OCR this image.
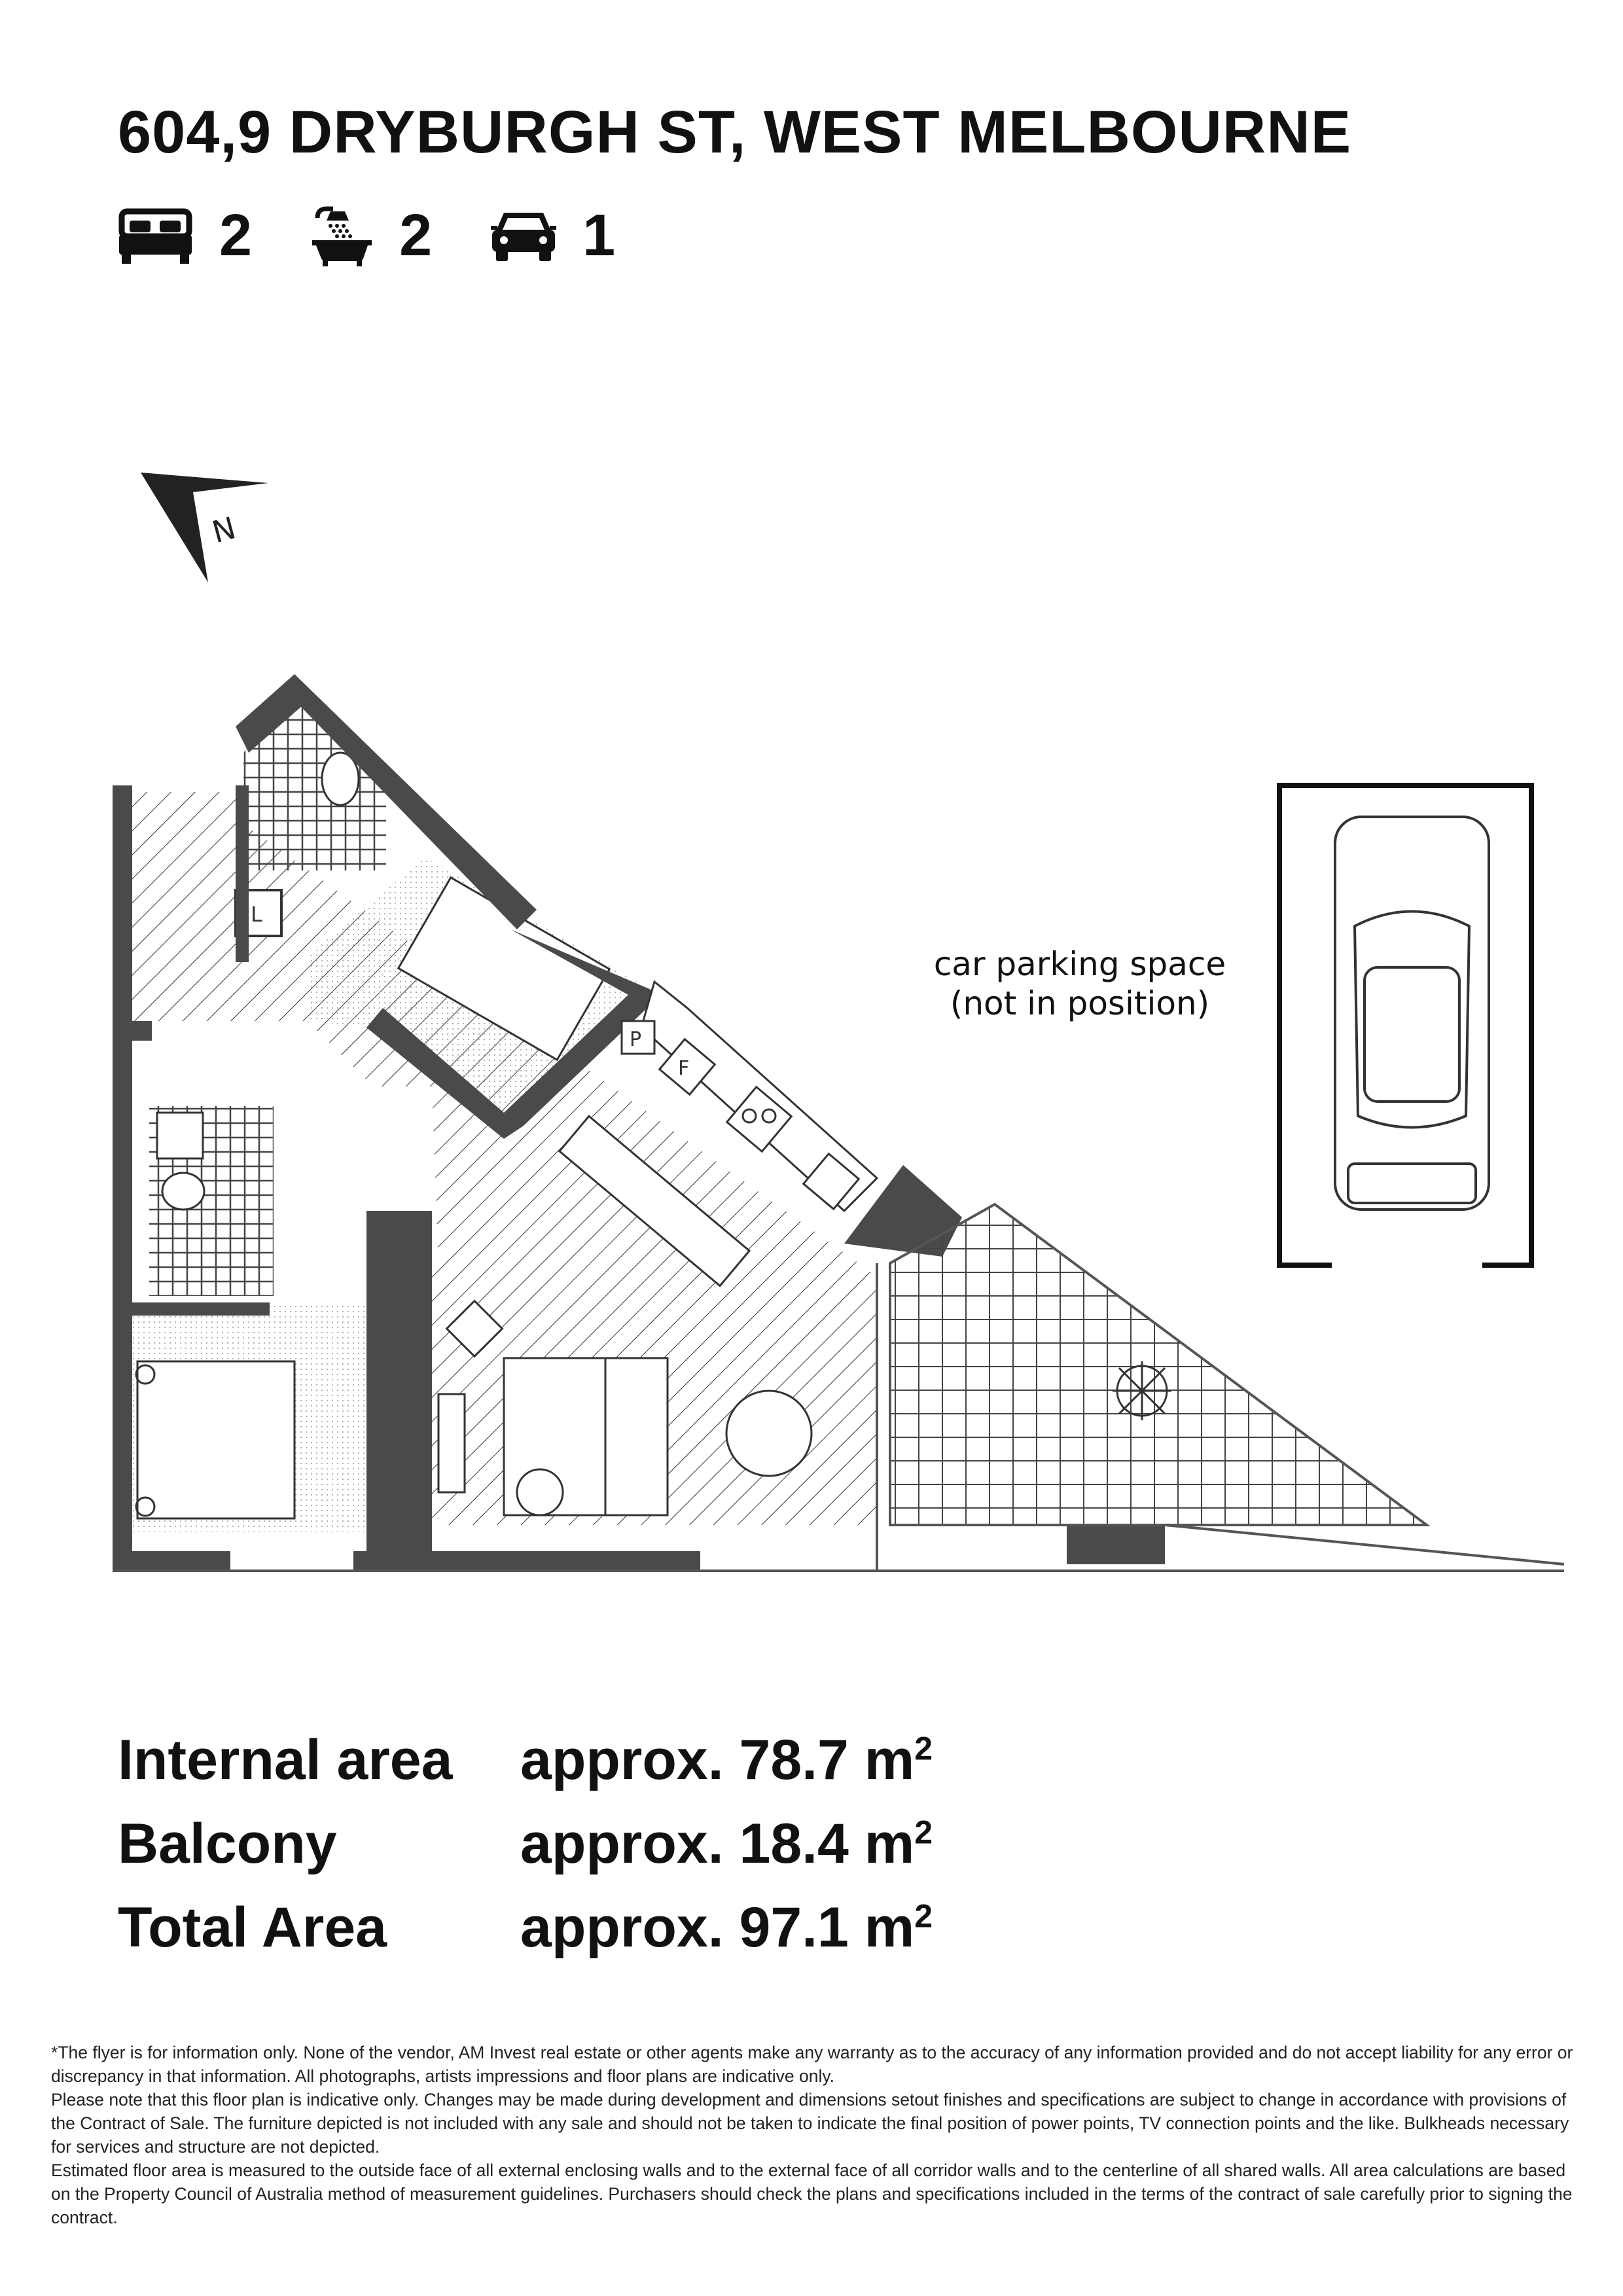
604,9 DRYBURGH ST, WEST MELBOURNE
2	2	1
N
L
P
F
car parking space
(not in position)
Internal area approx. 78.7 $m^2$
Balcony	approx. 18.4 $m^2$
Total Area approx. 97.1 $m^2$

*The flyer is for information only. None of the vendor, AM Invest real estate or other agents make any warranty as to the accuracy of any information provided and do not accept liability for any error or discrepancy in that information. All photographs, artists impressions and floor plans are indicative only.

Please note that this floor plan is indicative only. Changes may be made during development and dimensions setout finishes and specifications are subject to change in accordance with provisions of the Contract of Sale. The furniture depicted is not included with any sale and should not be taken to indicate the final position of power points, TV connection points and the like. Bulkheads necessary for services and structure are not depicted.

Estimated floor area is measured to the outside face of all external enclosing walls and to the external face of all corridor walls and to the centerline of all shared walls. All area calculations are based on the Property Council of Australia method of measurement guidelines. Purchasers should check the plans and specifications included in the terms of the contract of sale carefully prior to signing the contract.
